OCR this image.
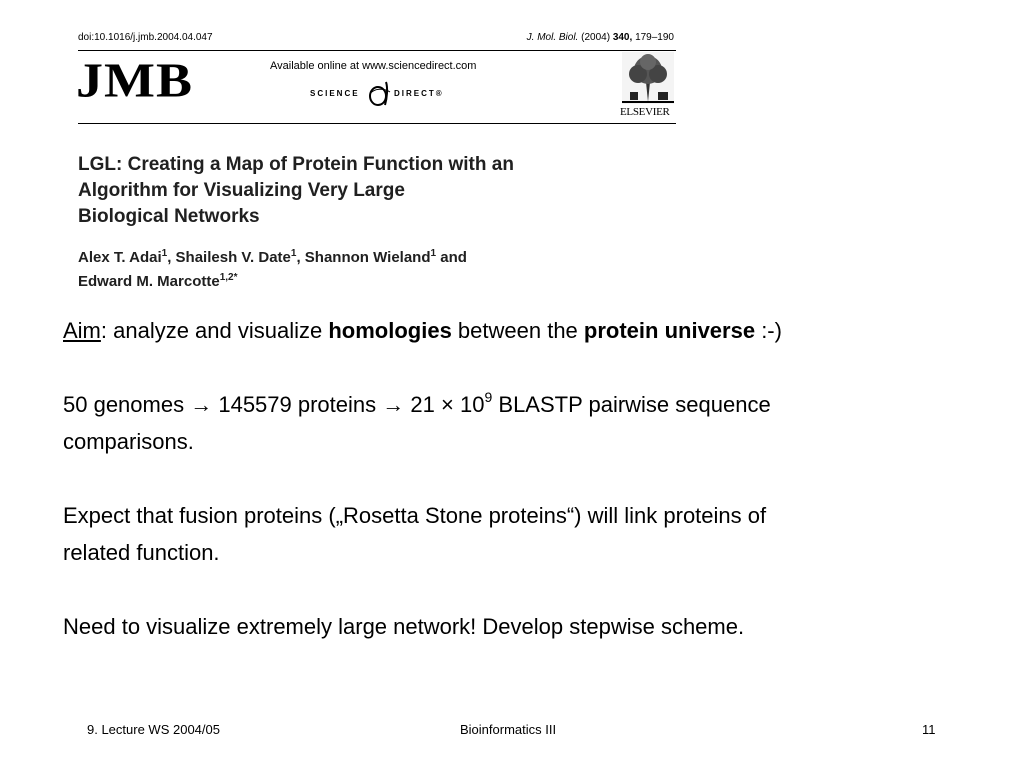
doi:10.1016/j.jmb.2004.04.047	J. Mol. Biol. (2004) 340, 179–190
JMB	Available online at www.sciencedirect.com
SCIENCE	DIRECT®
ELSEVIER
LGL: Creating a Map of Protein Function with an
Algorithm for Visualizing Very Large
Biological Networks
Alex T. Adai$^1$, Shailesh V. Date$^1$, Shannon Wieland$^1$ and
Edward M. Marcotte$^{1,2*}$

Aim: analyze and visualize homologies between the protein universe :-)

50 genomes → 145579 proteins → $21 \times 10^9$ BLASTP pairwise sequence
comparisons.

Expect that fusion proteins („Rosetta Stone proteins“) will link proteins of
related function.

Need to visualize extremely large network! Develop stepwise scheme.

9. Lecture WS 2004/05	Bioinformatics III	11
